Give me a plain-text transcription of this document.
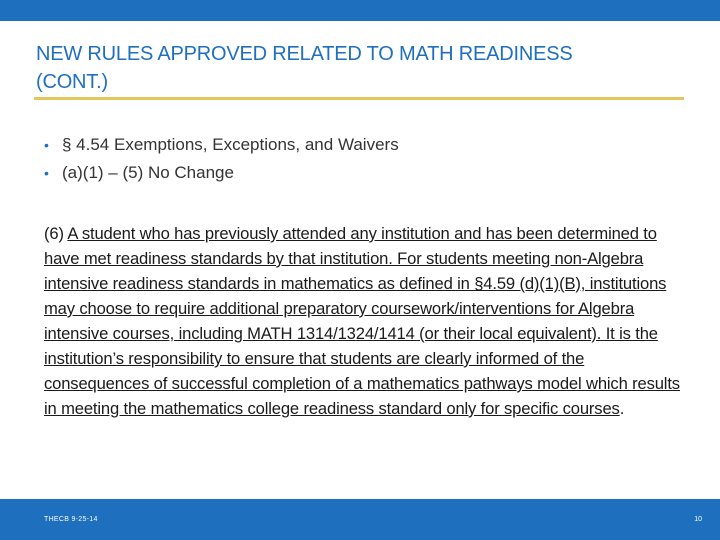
NEW RULES APPROVED RELATED TO MATH READINESS
(CONT.)
• § 4.54 Exemptions, Exceptions, and Waivers
• (a)(1) – (5) No Change

(6) A student who has previously attended any institution and has been determined to have met readiness standards by that institution. For students meeting non-Algebra intensive readiness standards in mathematics as defined in §4.59 (d)(1)(B), institutions may choose to require additional preparatory coursework/interventions for Algebra intensive courses, including MATH 1314/1324/1414 (or their local equivalent). It is the institution’s responsibility to ensure that students are clearly informed of the consequences of successful completion of a mathematics pathways model which results in meeting the mathematics college readiness standard only for specific courses.

THECB 9-25-14	10
